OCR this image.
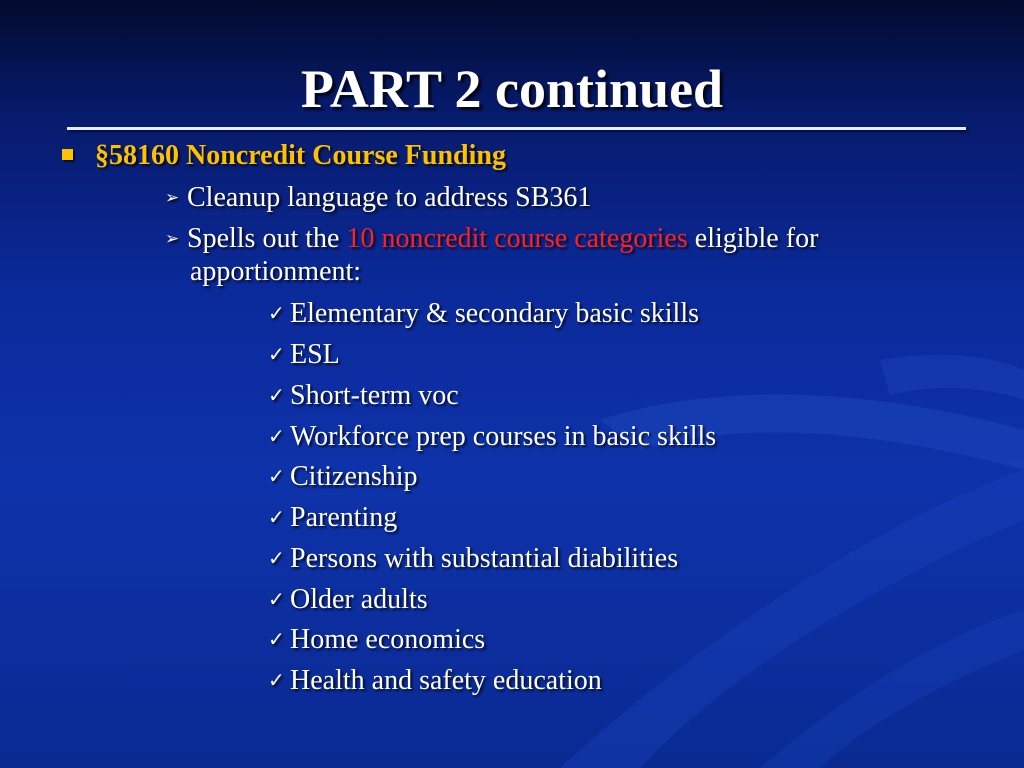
PART 2 continued
§58160 Noncredit Course Funding
➢ Cleanup language to address SB361
➢ Spells out the 10 noncredit course categories eligible for
apportionment:
✓ Elementary & secondary basic skills
✓ ESL
✓ Short-term voc
✓ Workforce prep courses in basic skills
✓ Citizenship
✓ Parenting
✓ Persons with substantial diabilities
✓ Older adults
✓ Home economics
✓ Health and safety education
